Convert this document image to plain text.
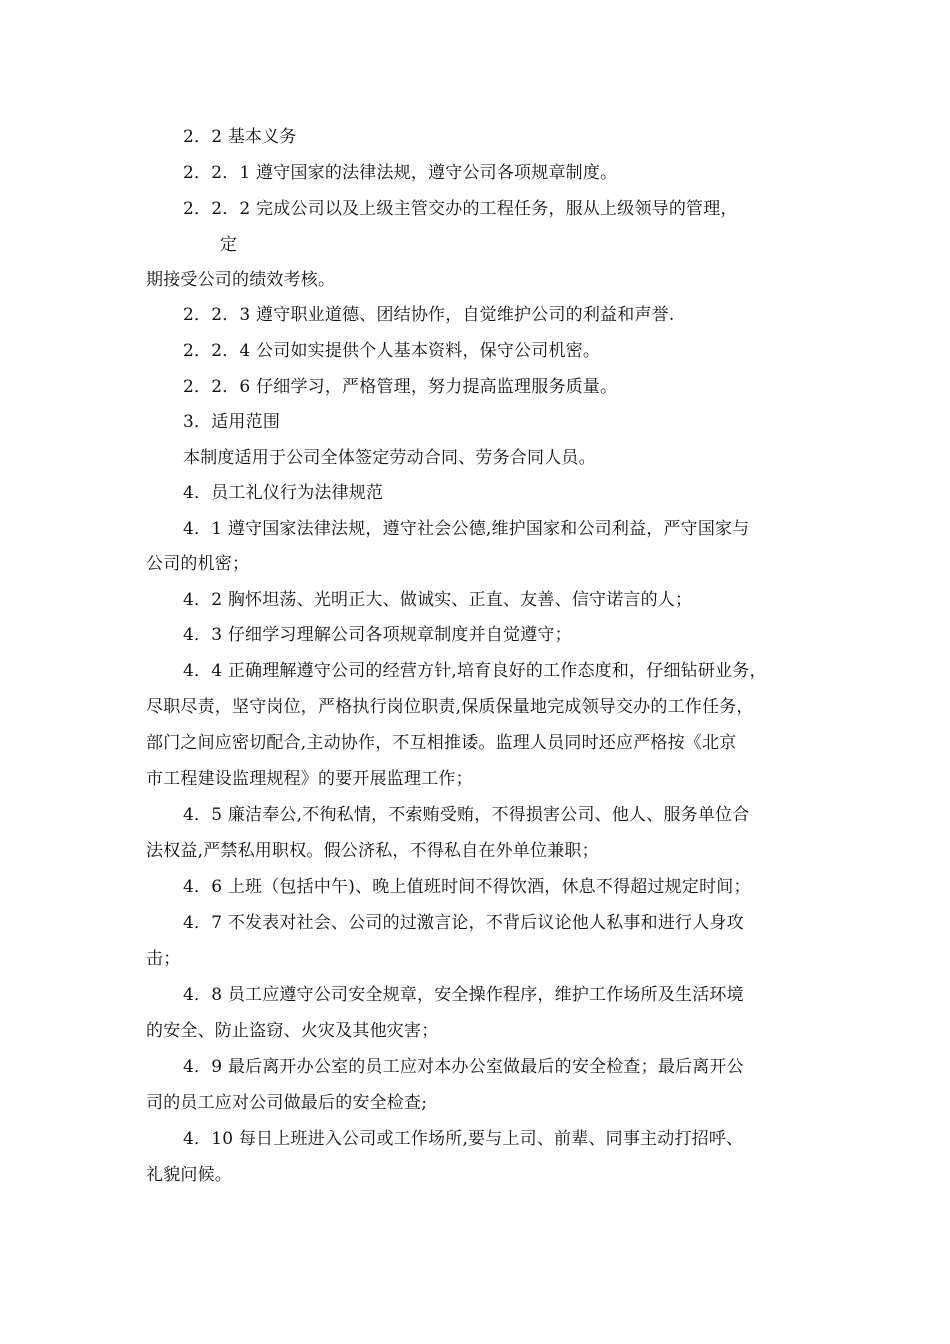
2．2 基本义务
2．2．1 遵守国家的法律法规，遵守公司各项规章制度。
2．2．2 完成公司以及上级主管交办的工程任务，服从上级领导的管理，
定
期接受公司的绩效考核。
2．2．3 遵守职业道德、团结协作，自觉维护公司的利益和声誉.
2．2．4 公司如实提供个人基本资料，保守公司机密。
2．2．6 仔细学习，严格管理，努力提高监理服务质量。
3．适用范围
本制度适用于公司全体签定劳动合同、劳务合同人员。
4．员工礼仪行为法律规范
4．1 遵守国家法律法规，遵守社会公德,维护国家和公司利益，严守国家与
公司的机密；
4．2 胸怀坦荡、光明正大、做诚实、正直、友善、信守诺言的人；
4．3 仔细学习理解公司各项规章制度并自觉遵守；
4．4 正确理解遵守公司的经营方针,培育良好的工作态度和，仔细钻研业务，
尽职尽责，坚守岗位，严格执行岗位职责,保质保量地完成领导交办的工作任务，
部门之间应密切配合,主动协作，不互相推诿。监理人员同时还应严格按《北京
市工程建设监理规程》的要开展监理工作；
4．5 廉洁奉公,不徇私情，不索贿受贿，不得损害公司、他人、服务单位合
法权益,严禁私用职权。假公济私，不得私自在外单位兼职；
4．6 上班（包括中午)、晚上值班时间不得饮酒，休息不得超过规定时间；
4．7 不发表对社会、公司的过激言论，不背后议论他人私事和进行人身攻
击；
4．8 员工应遵守公司安全规章，安全操作程序，维护工作场所及生活环境
的安全、防止盗窃、火灾及其他灾害；
4．9 最后离开办公室的员工应对本办公室做最后的安全检查；最后离开公
司的员工应对公司做最后的安全检查;
4．10 每日上班进入公司或工作场所,要与上司、前辈、同事主动打招呼、
礼貌问候。
